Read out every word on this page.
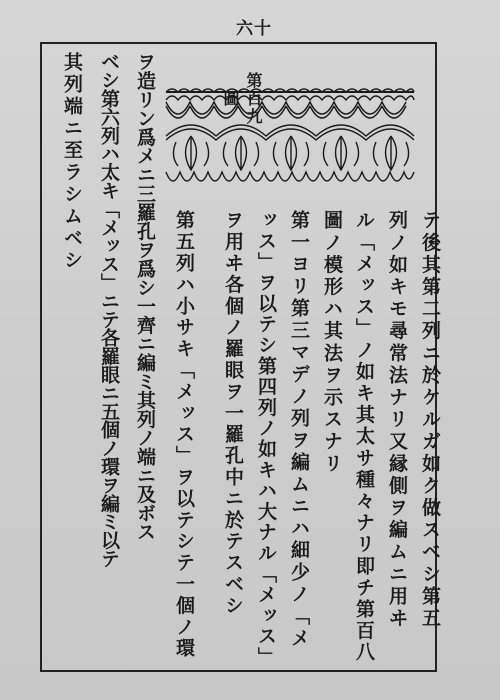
六十
第百九圖
テ後其第二列ニ於ケルガ如ク做スベシ第五
列ノ如キモ尋常法ナリ又縁側ヲ編ムニ用ヰ
ル「メッス」ノ如キ其太サ種々ナリ即チ第百八
圖ノ模形ハ其法ヲ示スナリ
第一ヨリ第三マデノ列ヲ編ムニハ細少ノ「メ
ッス」ヲ以テシ第四列ノ如キハ大ナル「メッス」
ヲ用ヰ各個ノ羅眼ヲ一羅孔中ニ於テスベシ
第五列ハ小サキ「メッス」ヲ以テシテ一個ノ環
ヲ造リン爲メニ三羅孔ヲ爲シ一齊ニ編ミ其列ノ端ニ及ボス
ベシ第六列ハ太キ「メッス」ニテ各羅眼ニ五個ノ環ヲ編ミ以テ
其列端ニ至ラシムベシ
